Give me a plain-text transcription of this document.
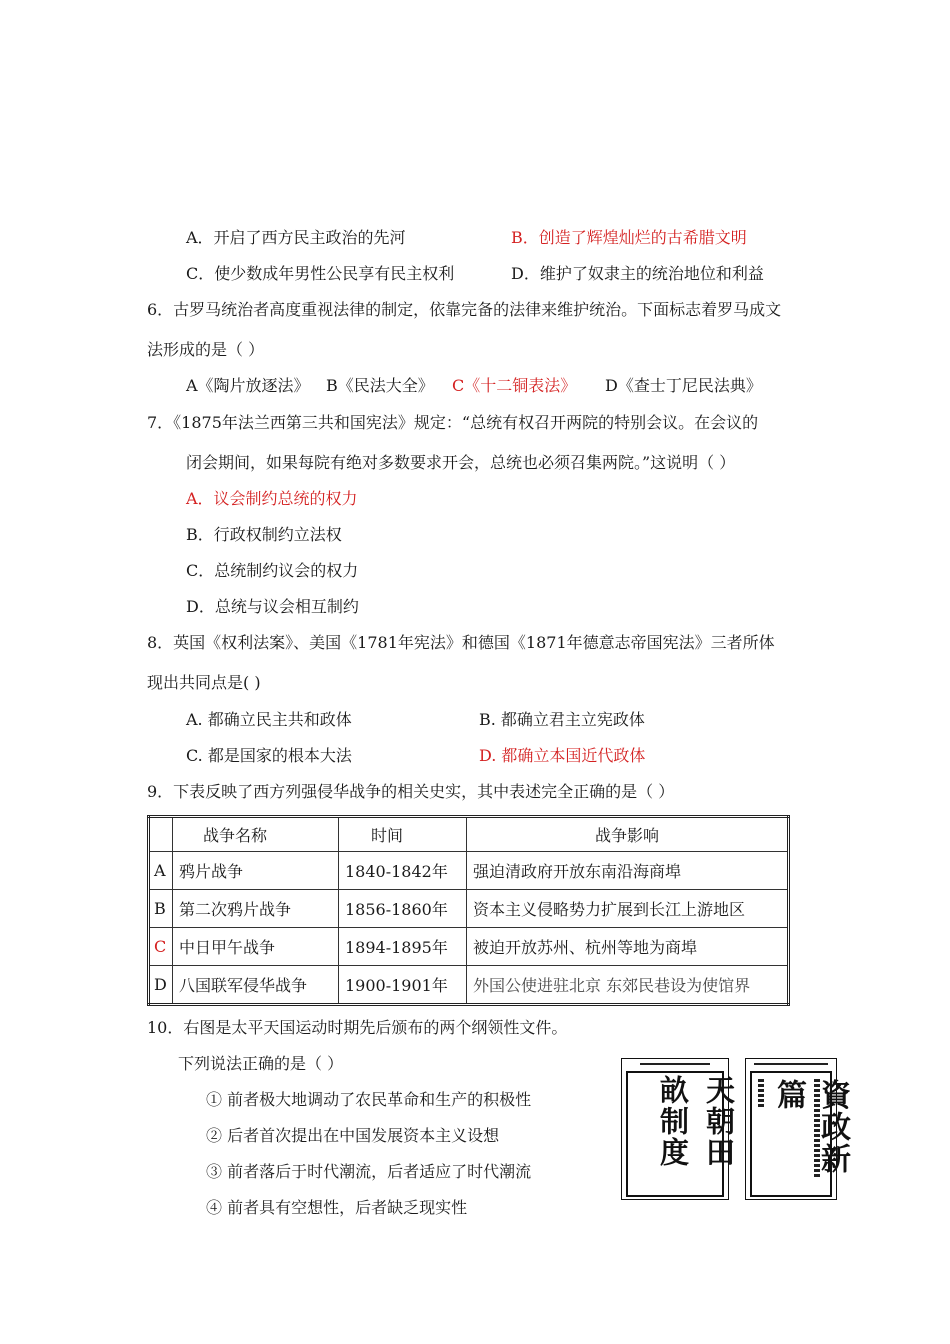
A．开启了西方民主政治的先河	B．创造了辉煌灿烂的古希腊文明
C．使少数成年男性公民享有民主权利	D．维护了奴隶主的统治地位和利益
6．古罗马统治者高度重视法律的制定，依靠完备的法律来维护统治。下面标志着罗马成文
法形成的是（ ）
A《陶片放逐法》 B《民法大全》 C《十二铜表法》 D《查士丁尼民法典》
7．《1875年法兰西第三共和国宪法》规定：“总统有权召开两院的特别会议。在会议的
闭会期间，如果每院有绝对多数要求开会，总统也必须召集两院。”这说明（ ）
A．议会制约总统的权力
B．行政权制约立法权
C．总统制约议会的权力
D．总统与议会相互制约
8．英国《权利法案》、美国《1781年宪法》和德国《1871年德意志帝国宪法》三者所体
现出共同点是( )
A. 都确立民主共和政体	B. 都确立君主立宪政体
C. 都是国家的根本大法	D. 都确立本国近代政体
9．下表反映了西方列强侵华战争的相关史实，其中表述完全正确的是（ ）
	战争名称	时间	战争影响
A	鸦片战争	1840-1842年	强迫清政府开放东南沿海商埠
B	第二次鸦片战争	1856-1860年	资本主义侵略势力扩展到长江上游地区
C	中日甲午战争	1894-1895年	被迫开放苏州、杭州等地为商埠
D	八国联军侵华战争	1900-1901年	外国公使进驻北京 东郊民巷设为使馆界
10．右图是太平天国运动时期先后颁布的两个纲领性文件。
下列说法正确的是（ ）
① 前者极大地调动了农民革命和生产的积极性
② 后者首次提出在中国发展资本主义设想
③ 前者落后于时代潮流，后者适应了时代潮流
④ 前者具有空想性，后者缺乏现实性
天朝田畝制度	資政新篇
